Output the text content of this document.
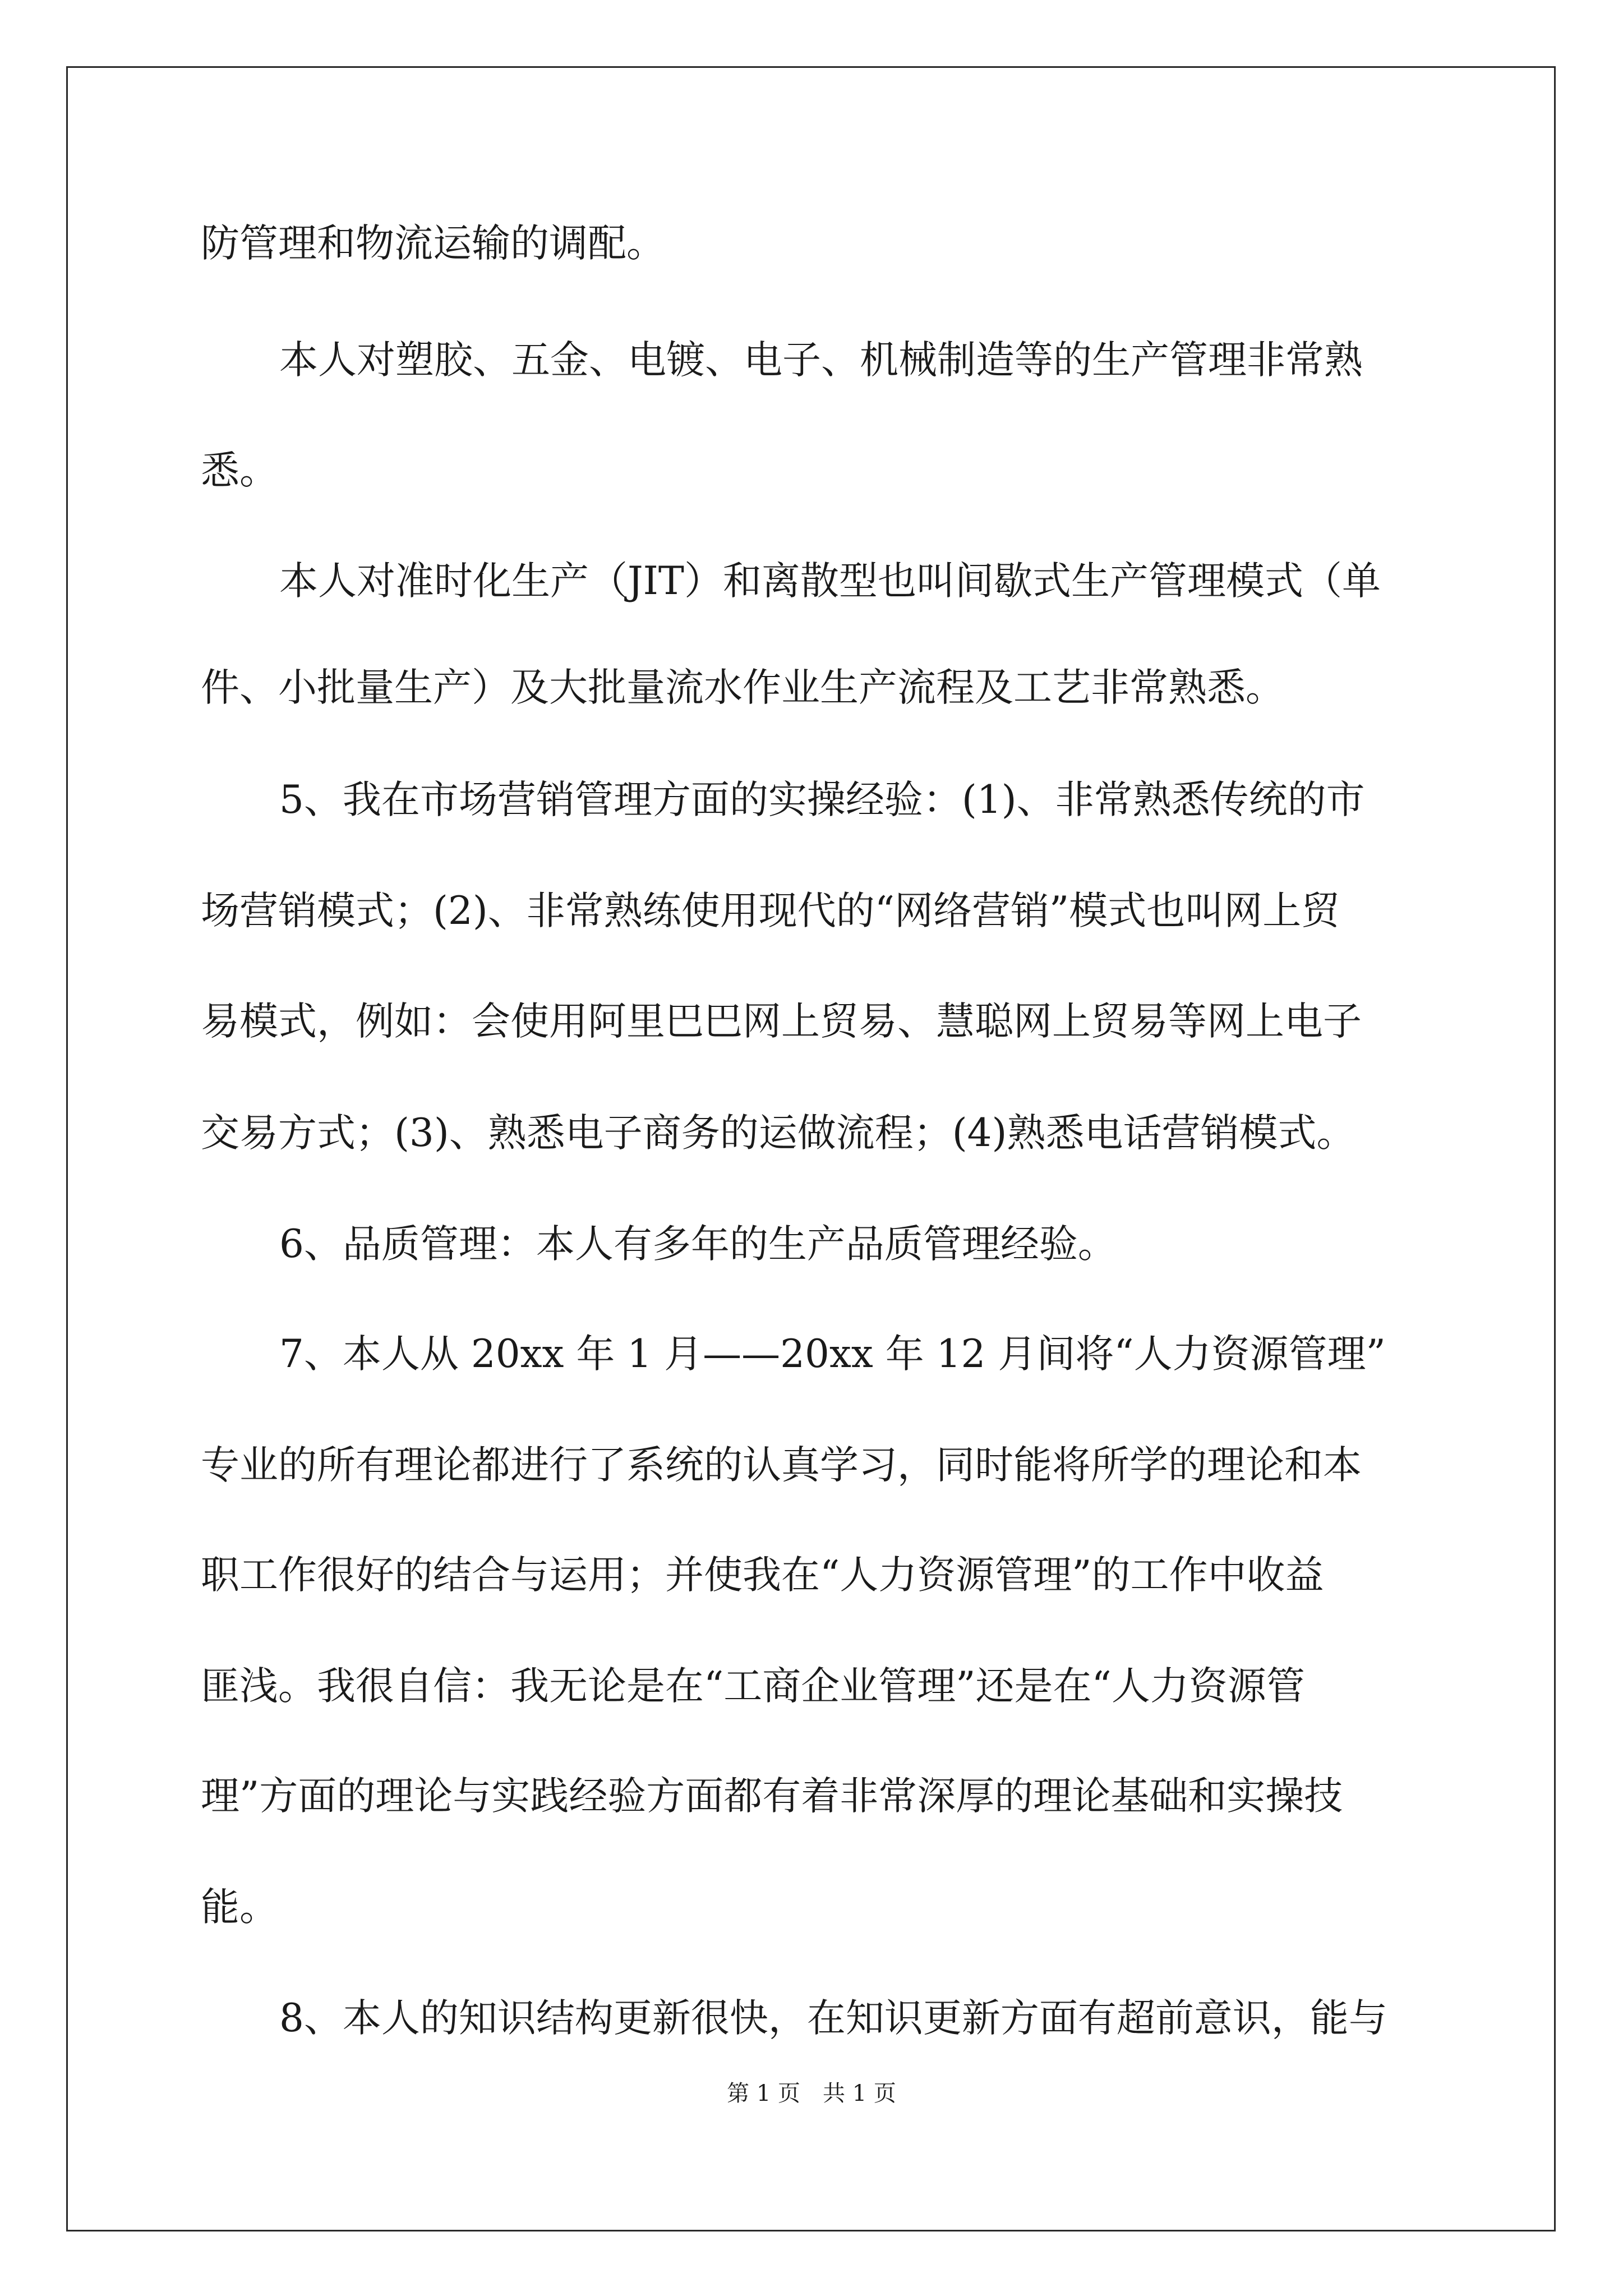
防管理和物流运输的调配。
本人对塑胶、五金、电镀、电子、机械制造等的生产管理非常熟
悉。
本人对准时化生产（JIT）和离散型也叫间歇式生产管理模式（单
件、小批量生产）及大批量流水作业生产流程及工艺非常熟悉。
5、我在市场营销管理方面的实操经验：(1)、非常熟悉传统的市
场营销模式；(2)、非常熟练使用现代的“网络营销”模式也叫网上贸
易模式，例如：会使用阿里巴巴网上贸易、慧聪网上贸易等网上电子
交易方式；(3)、熟悉电子商务的运做流程；(4)熟悉电话营销模式。
6、品质管理：本人有多年的生产品质管理经验。
7、本人从 20xx 年 1 月——20xx 年 12 月间将“人力资源管理”
专业的所有理论都进行了系统的认真学习，同时能将所学的理论和本
职工作很好的结合与运用；并使我在“人力资源管理”的工作中收益
匪浅。我很自信：我无论是在“工商企业管理”还是在“人力资源管
理”方面的理论与实践经验方面都有着非常深厚的理论基础和实操技
能。
8、本人的知识结构更新很快，在知识更新方面有超前意识，能与
第 1 页　共 1 页
